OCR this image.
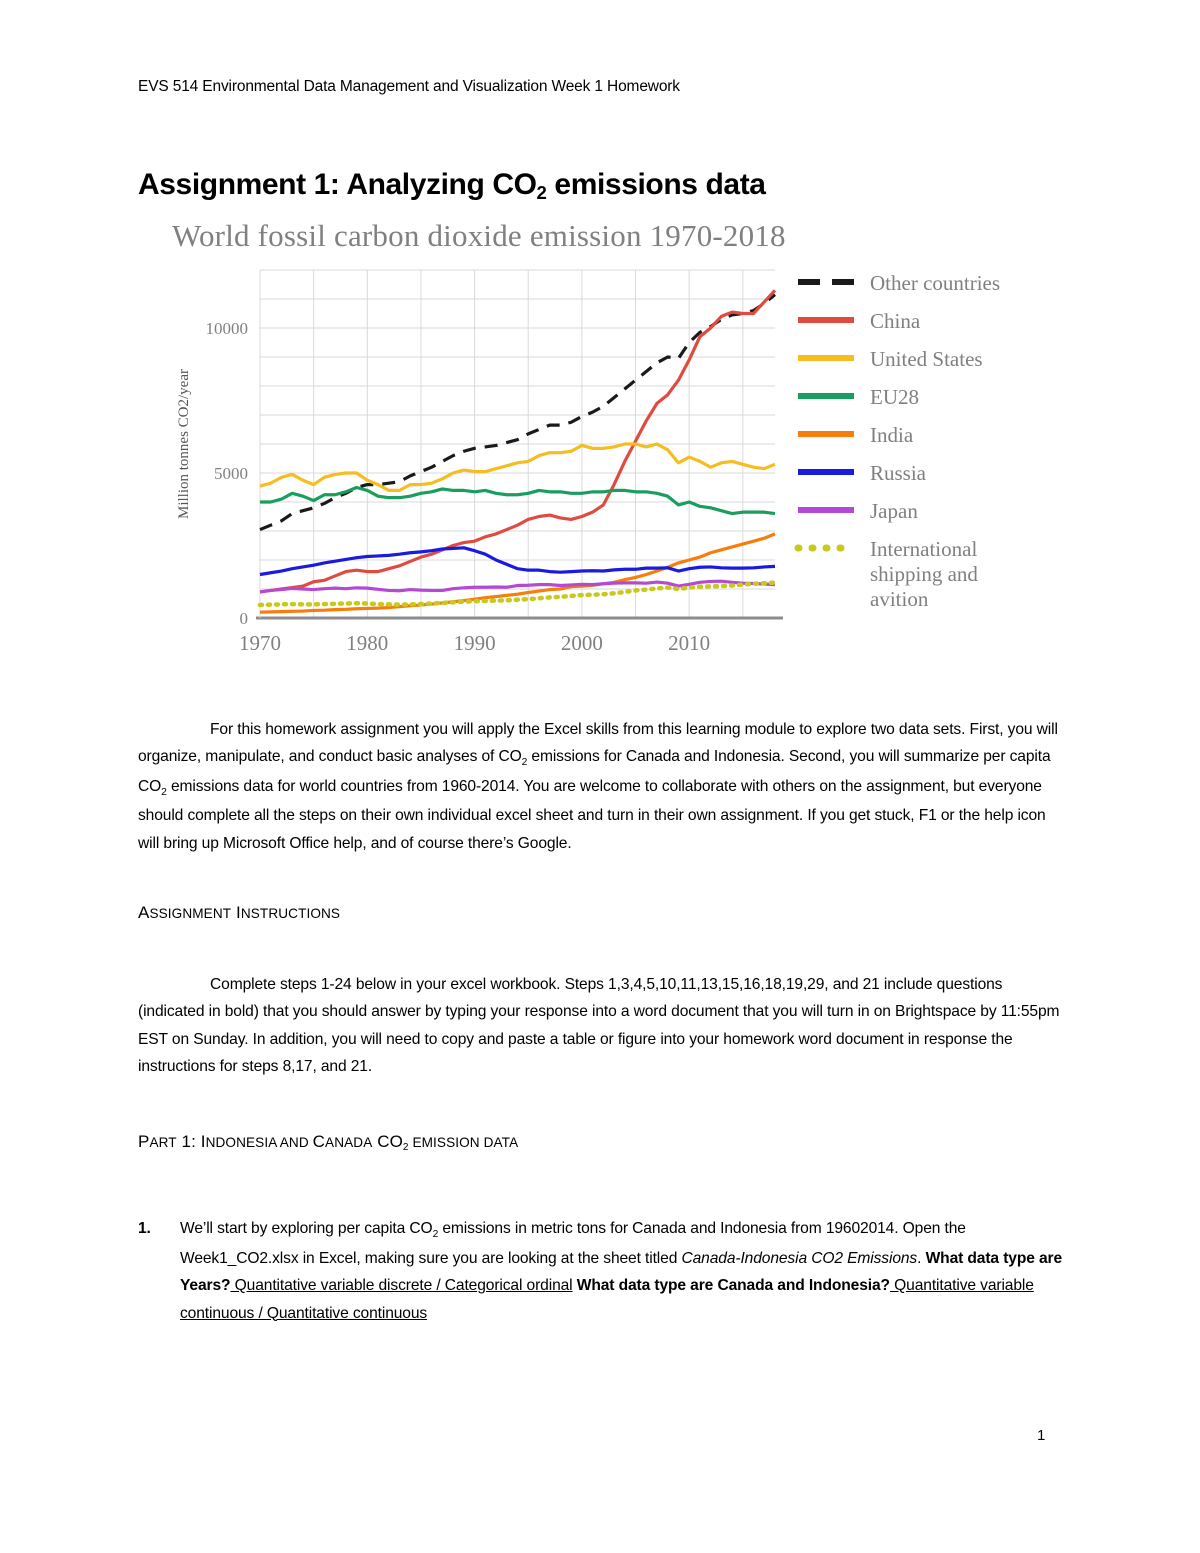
EVS 514 Environmental Data Management and Visualization Week 1 Homework
Assignment 1: Analyzing $CO_2$ emissions data
World fossil carbon dioxide emission 1970-2018
0
5000
10000
1970	1980	1990	2000	2010
Million tonnes CO2/year
Other countries
China
United States
EU28
India
Russia
Japan
International
shipping and
avition

For this homework assignment you will apply the Excel skills from this learning module to explore two data sets. First, you will organize, manipulate, and conduct basic analyses of $CO_2$ emissions for Canada and Indonesia. Second, you will summarize per capita $CO_2$ emissions data for world countries from 1960-2014. You are welcome to collaborate with others on the assignment, but everyone should complete all the steps on their own individual excel sheet and turn in their own assignment. If you get stuck, F1 or the help icon will bring up Microsoft Office help, and of course there’s Google.

ASSIGNMENT INSTRUCTIONS

Complete steps 1-24 below in your excel workbook. Steps 1,3,4,5,10,11,13,15,16,18,19,29, and 21 include questions (indicated in bold) that you should answer by typing your response into a word document that you will turn in on Brightspace by 11:55pm EST on Sunday. In addition, you will need to copy and paste a table or figure into your homework word document in response the instructions for steps 8,17, and 21.

PART 1: INDONESIA AND CANADA $CO_2$ EMISSION DATA
1.	We’ll start by exploring per capita $CO_2$ emissions in metric tons for Canada and Indonesia from 19602014. Open the Week1_CO2.xlsx in Excel, making sure you are looking at the sheet titled Canada-Indonesia CO2 Emissions. What data type are Years? Quantitative variable discrete / Categorical ordinal What data type are Canada and Indonesia? Quantitative variable continuous / Quantitative continuous
1
